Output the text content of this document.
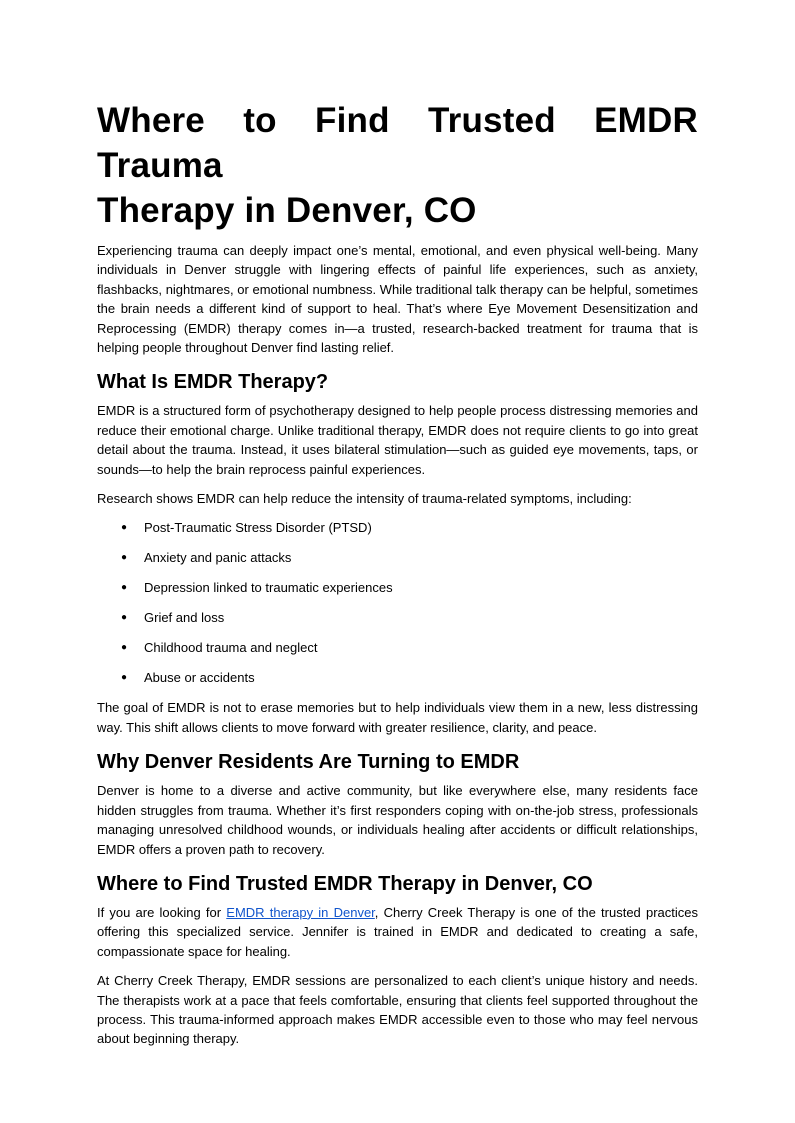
Where to Find Trusted EMDR Trauma
Therapy in Denver, CO

Experiencing trauma can deeply impact one’s mental, emotional, and even physical well-being. Many individuals in Denver struggle with lingering effects of painful life experiences, such as anxiety, flashbacks, nightmares, or emotional numbness. While traditional talk therapy can be helpful, sometimes the brain needs a different kind of support to heal. That’s where Eye Movement Desensitization and Reprocessing (EMDR) therapy comes in—a trusted, research-backed treatment for trauma that is helping people throughout Denver find lasting relief.

What Is EMDR Therapy?

EMDR is a structured form of psychotherapy designed to help people process distressing memories and reduce their emotional charge. Unlike traditional therapy, EMDR does not require clients to go into great detail about the trauma. Instead, it uses bilateral stimulation—such as guided eye movements, taps, or sounds—to help the brain reprocess painful experiences.

Research shows EMDR can help reduce the intensity of trauma-related symptoms, including:

● Post-Traumatic Stress Disorder (PTSD)
● Anxiety and panic attacks
● Depression linked to traumatic experiences
● Grief and loss
● Childhood trauma and neglect
● Abuse or accidents

The goal of EMDR is not to erase memories but to help individuals view them in a new, less distressing way. This shift allows clients to move forward with greater resilience, clarity, and peace.

Why Denver Residents Are Turning to EMDR

Denver is home to a diverse and active community, but like everywhere else, many residents face hidden struggles from trauma. Whether it’s first responders coping with on-the-job stress, professionals managing unresolved childhood wounds, or individuals healing after accidents or difficult relationships, EMDR offers a proven path to recovery.

Where to Find Trusted EMDR Therapy in Denver, CO

If you are looking for EMDR therapy in Denver, Cherry Creek Therapy is one of the trusted practices offering this specialized service. Jennifer is trained in EMDR and dedicated to creating a safe, compassionate space for healing.

At Cherry Creek Therapy, EMDR sessions are personalized to each client’s unique history and needs. The therapists work at a pace that feels comfortable, ensuring that clients feel supported throughout the process. This trauma-informed approach makes EMDR accessible even to those who may feel nervous about beginning therapy.
